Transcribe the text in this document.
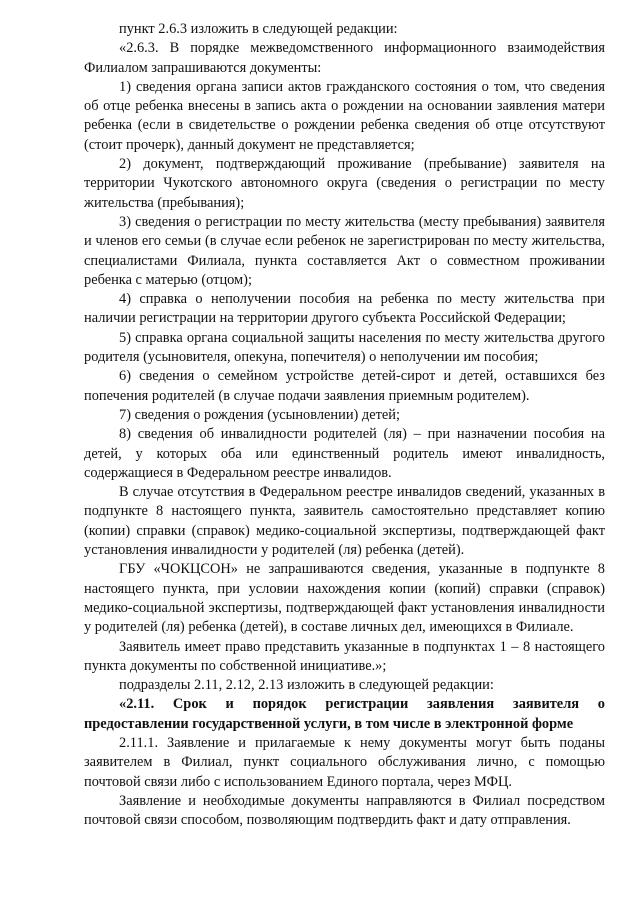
пункт 2.6.3 изложить в следующей редакции:

«2.6.3. В порядке межведомственного информационного взаимодействия Филиалом запрашиваются документы:

1) сведения органа записи актов гражданского состояния о том, что сведения об отце ребенка внесены в запись акта о рождении на основании заявления матери ребенка (если в свидетельстве о рождении ребенка сведения об отце отсутствуют (стоит прочерк), данный документ не представляется;

2) документ, подтверждающий проживание (пребывание) заявителя на территории Чукотского автономного округа (сведения о регистрации по месту жительства (пребывания);

3) сведения о регистрации по месту жительства (месту пребывания) заявителя и членов его семьи (в случае если ребенок не зарегистрирован по месту жительства, специалистами Филиала, пункта составляется Акт о совместном проживании ребенка с матерью (отцом);

4) справка о неполучении пособия на ребенка по месту жительства при наличии регистрации на территории другого субъекта Российской Федерации;

5) справка органа социальной защиты населения по месту жительства другого родителя (усыновителя, опекуна, попечителя) о неполучении им пособия;

6) сведения о семейном устройстве детей-сирот и детей, оставшихся без попечения родителей (в случае подачи заявления приемным родителем).

7) сведения о рождения (усыновлении) детей;

8) сведения об инвалидности родителей (ля) – при назначении пособия на детей, у которых оба или единственный родитель имеют инвалидность, содержащиеся в Федеральном реестре инвалидов.

В случае отсутствия в Федеральном реестре инвалидов сведений, указанных в подпункте 8 настоящего пункта, заявитель самостоятельно представляет копию (копии) справки (справок) медико-социальной экспертизы, подтверждающей факт установления инвалидности у родителей (ля) ребенка (детей).

ГБУ «ЧОКЦСОН» не запрашиваются сведения, указанные в подпункте 8 настоящего пункта, при условии нахождения копии (копий) справки (справок) медико-социальной экспертизы, подтверждающей факт установления инвалидности у родителей (ля) ребенка (детей), в составе личных дел, имеющихся в Филиале.

Заявитель имеет право представить указанные в подпунктах 1 – 8 настоящего пункта документы по собственной инициативе.»;

подразделы 2.11, 2.12, 2.13 изложить в следующей редакции:

«2.11. Срок и порядок регистрации заявления заявителя о предоставлении государственной услуги, в том числе в электронной форме

2.11.1. Заявление и прилагаемые к нему документы могут быть поданы заявителем в Филиал, пункт социального обслуживания лично, с помощью почтовой связи либо с использованием Единого портала, через МФЦ.

Заявление и необходимые документы направляются в Филиал посредством почтовой связи способом, позволяющим подтвердить факт и дату отправления.
